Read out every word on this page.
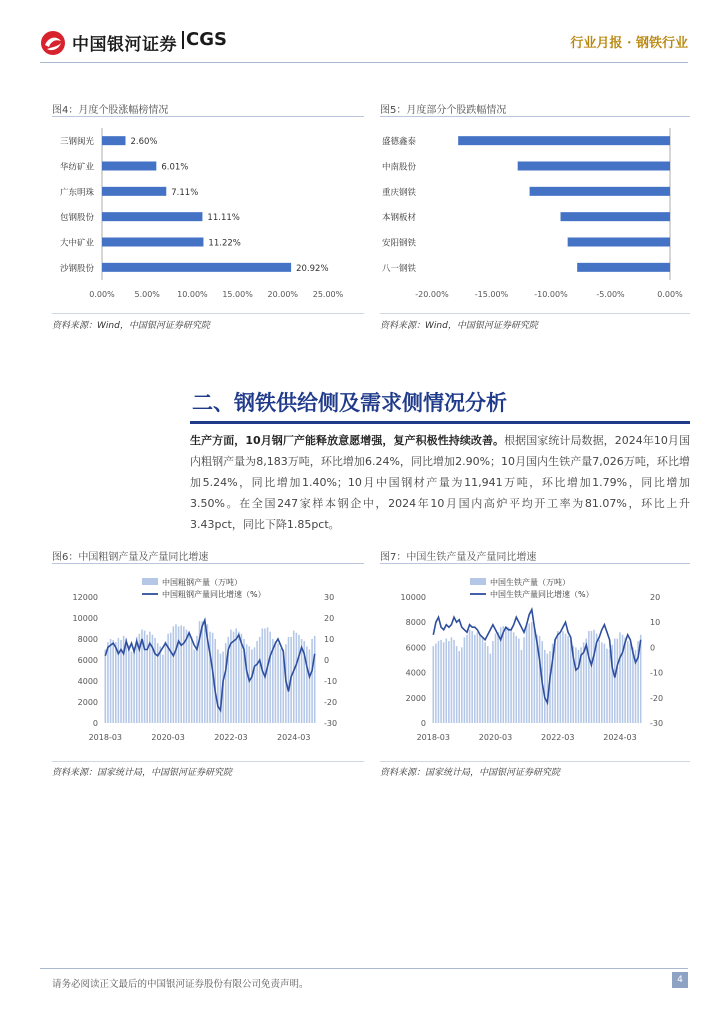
中国银河证券 CGS	行业月报 · 钢铁行业
图4：月度个股涨幅榜情况
三钢闽光	2.60%
华纺矿业	6.01%
广东明珠	7.11%
包钢股份	11.11%
大中矿业	11.22%
沙钢股份	20.92%
0.00% 5.00% 10.00% 15.00% 20.00% 25.00%
资料来源：Wind，中国银河证券研究院
图5：月度部分个股跌幅情况
盛德鑫泰
中南股份
重庆钢铁
本钢板材
安阳钢铁
八一钢铁
-20.00%	-15.00%	-10.00%	-5.00%	0.00%
资料来源：Wind，中国银河证券研究院
二、钢铁供给侧及需求侧情况分析
生产方面，10月钢厂产能释放意愿增强，复产积极性持续改善。根据国家统计局数据，2024年10月国内粗钢产量为8,183万吨，环比增加6.24%，同比增加2.90%；10月国内生铁产量7,026万吨，环比增加5.24%，同比增加1.40%；10月中国钢材产量为11,941万吨，环比增加1.79%，同比增加3.50%。在全国247家样本钢企中，2024年10月国内高炉平均开工率为81.07%，环比上升3.43pct，同比下降1.85pct。
图6：中国粗钢产量及产量同比增速
中国粗钢产量（万吨）
中国粗钢产量同比增速（%）
0
2000
4000
6000
8000
10000
12000
-30
-20
-10
0
10
20
30
2018-03	2020-03	2022-03	2024-03
资料来源：国家统计局，中国银河证券研究院
图7：中国生铁产量及产量同比增速
中国生铁产量（万吨）
中国生铁产量同比增速（%）
0
2000
4000
6000
8000
10000
-30
-20
-10
0
10
20
2018-03	2020-03	2022-03	2024-03
资料来源：国家统计局，中国银河证券研究院
请务必阅读正文最后的中国银河证券股份有限公司免责声明。	4
